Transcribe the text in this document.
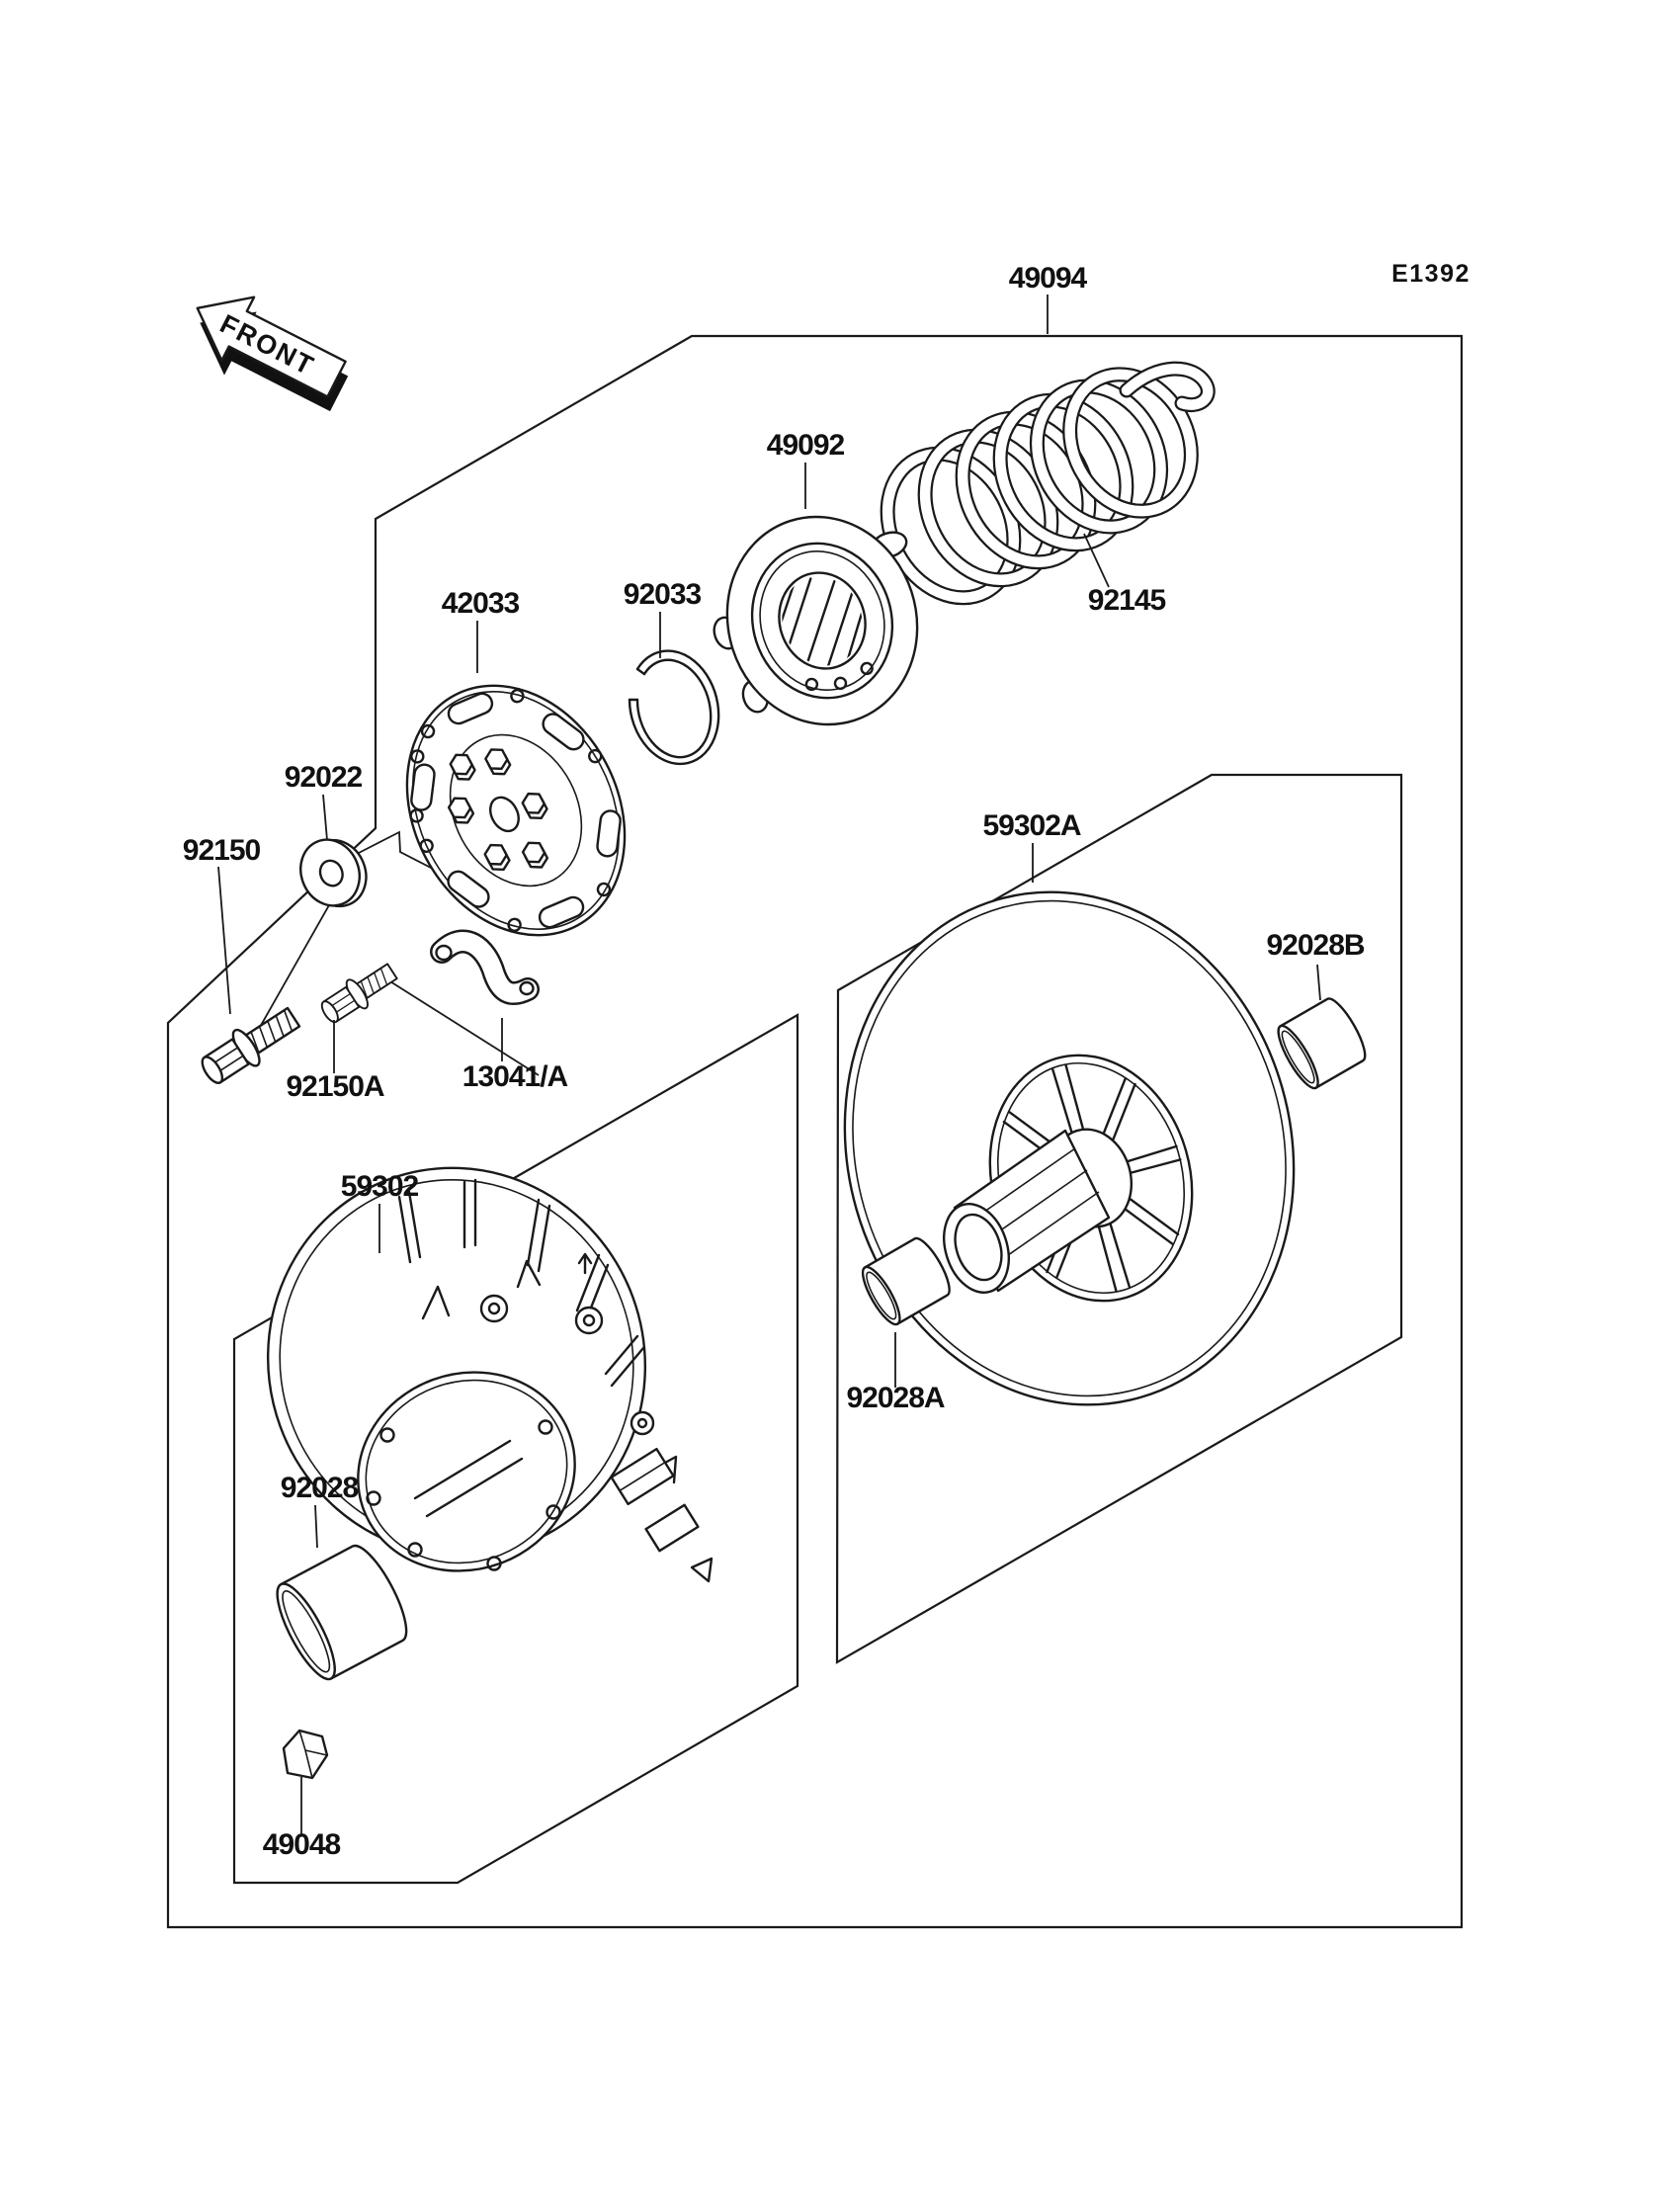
FRONT
E1392
49094
49092
92145
42033	92033
92022
92150
92150A	13041/A
59302A
92028B
59302
92028A
92028
49048
